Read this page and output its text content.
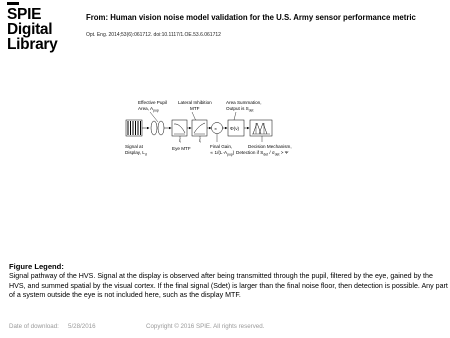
SPIE
Digital
Library
From: Human vision noise model validation for the U.S. Army sensor performance metric
Opt. Eng. 2014;53(6):061712. doi:10.1117/1.OE.53.6.061712
Effective Pupil
Area, $A_{pup}$
Lateral Inhibition
MTF
Area Summation,
Output is $S_{det}$
×	Φ(ν)
ξ	ξ
Eye MTF
Signal at
Display, $L_d$
Final Gain,
∝ $1/(L\cdot A_{pup})$
Decision Mechanism,
Detection if $S_{det} / \sigma_{det} > \Psi$
Figure Legend:
Signal pathway of the HVS. Signal at the display is observed after being transmitted through the pupil, filtered by the eye, gained by the HVS, and summed spatial by the visual cortex. If the final signal (Sdet) is larger than the final noise floor, then detection is possible. Any part of a system outside the eye is not included here, such as the display MTF.
Date of download: 5/28/2016	Copyright © 2016 SPIE. All rights reserved.
